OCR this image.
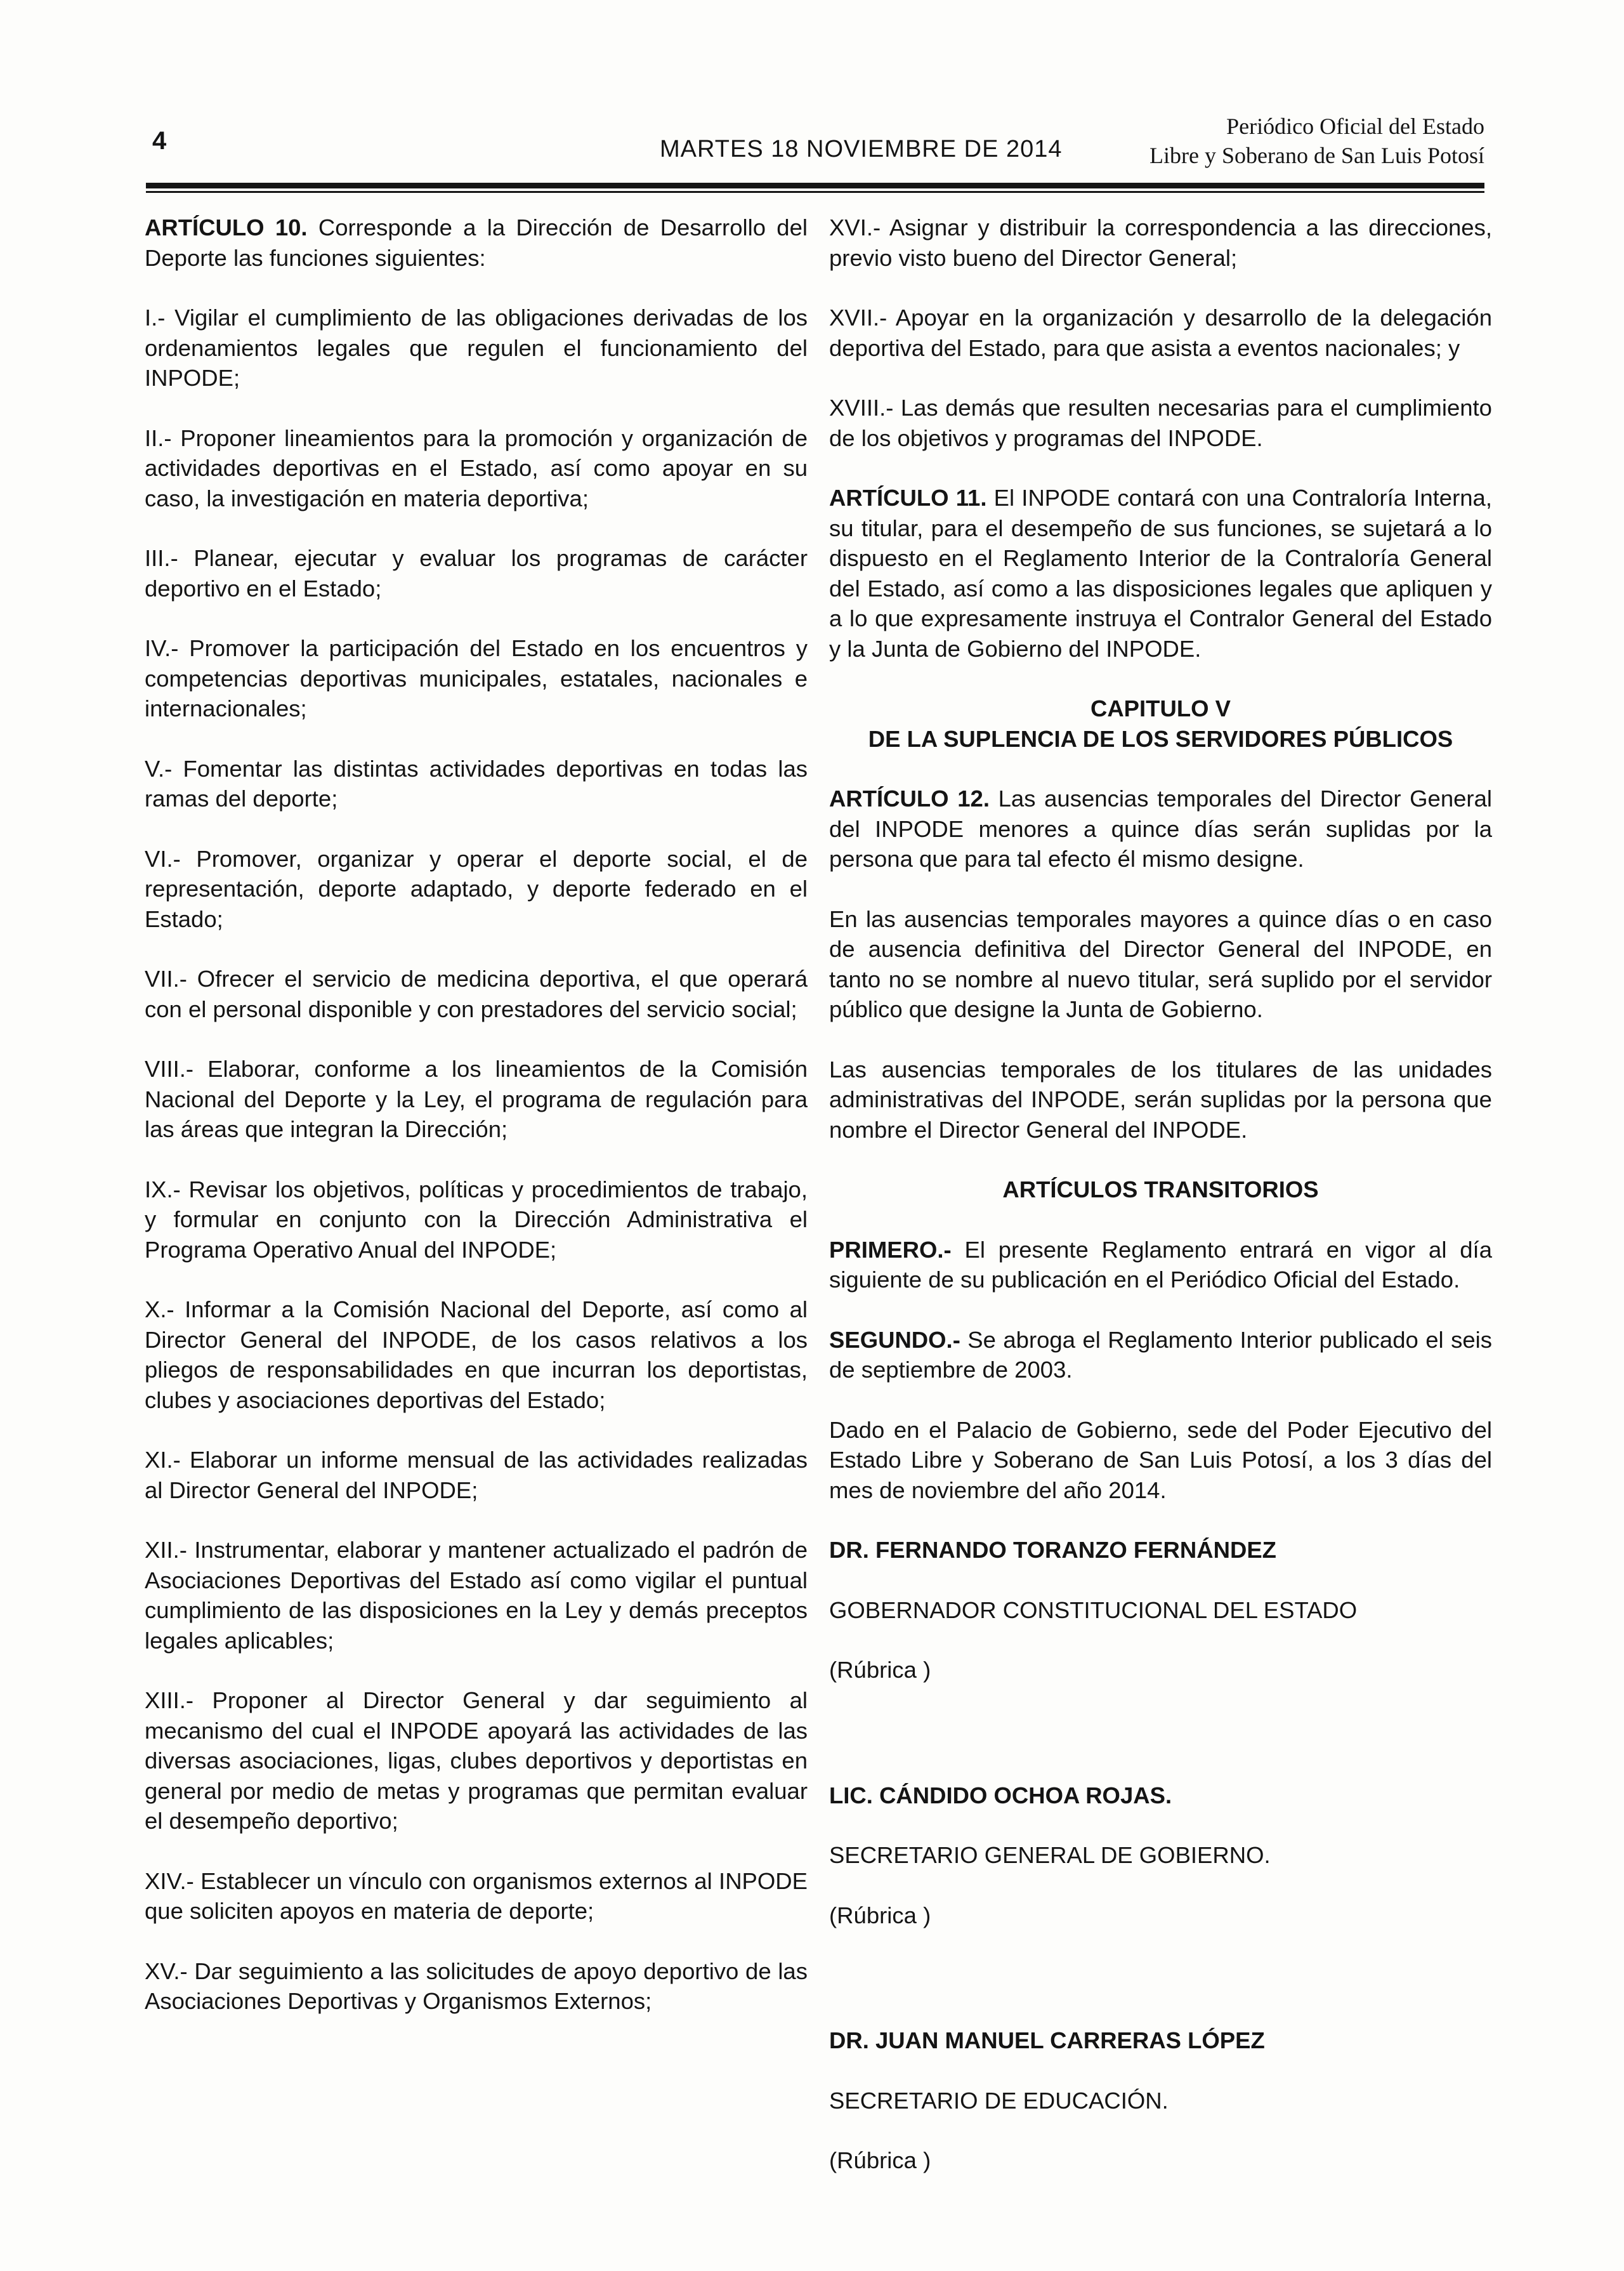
4	MARTES 18 NOVIEMBRE DE 2014
Periódico Oficial del Estado
Libre y Soberano de San Luis Potosí

ARTÍCULO 10. Corresponde a la Dirección de Desarrollo del Deporte las funciones siguientes:

I.- Vigilar el cumplimiento de las obligaciones derivadas de los ordenamientos legales que regulen el funcionamiento del INPODE;

II.- Proponer lineamientos para la promoción y organización de actividades deportivas en el Estado, así como apoyar en su caso, la investigación en materia deportiva;

III.- Planear, ejecutar y evaluar los programas de carácter deportivo en el Estado;

IV.- Promover la participación del Estado en los encuentros y competencias deportivas municipales, estatales, nacionales e internacionales;

V.- Fomentar las distintas actividades deportivas en todas las ramas del deporte;

VI.- Promover, organizar y operar el deporte social, el de representación, deporte adaptado, y deporte federado en el Estado;

VII.- Ofrecer el servicio de medicina deportiva, el que operará con el personal disponible y con prestadores del servicio social;

VIII.- Elaborar, conforme a los lineamientos de la Comisión Nacional del Deporte y la Ley, el programa de regulación para las áreas que integran la Dirección;

IX.- Revisar los objetivos, políticas y procedimientos de trabajo, y formular en conjunto con la Dirección Administrativa el Programa Operativo Anual del INPODE;

X.- Informar a la Comisión Nacional del Deporte, así como al Director General del INPODE, de los casos relativos a los pliegos de responsabilidades en que incurran los deportistas, clubes y asociaciones deportivas del Estado;

XI.- Elaborar un informe mensual de las actividades realizadas al Director General del INPODE;

XII.- Instrumentar, elaborar y mantener actualizado el padrón de Asociaciones Deportivas del Estado así como vigilar el puntual cumplimiento de las disposiciones en la Ley y demás preceptos legales aplicables;

XIII.- Proponer al Director General y dar seguimiento al mecanismo del cual el INPODE apoyará las actividades de las diversas asociaciones, ligas, clubes deportivos y deportistas en general por medio de metas y programas que permitan evaluar el desempeño deportivo;

XIV.- Establecer un vínculo con organismos externos al INPODE que soliciten apoyos en materia de deporte;

XV.- Dar seguimiento a las solicitudes de apoyo deportivo de las Asociaciones Deportivas y Organismos Externos;

XVI.- Asignar y distribuir la correspondencia a las direcciones, previo visto bueno del Director General;

XVII.- Apoyar en la organización y desarrollo de la delegación deportiva del Estado, para que asista a eventos nacionales; y

XVIII.- Las demás que resulten necesarias para el cumplimiento de los objetivos y programas del INPODE.

ARTÍCULO 11. El INPODE contará con una Contraloría Interna, su titular, para el desempeño de sus funciones, se sujetará a lo dispuesto en el Reglamento Interior de la Contraloría General del Estado, así como a las disposiciones legales que apliquen y a lo que expresamente instruya el Contralor General del Estado y la Junta de Gobierno del INPODE.

CAPITULO V
DE LA SUPLENCIA DE LOS SERVIDORES PÚBLICOS

ARTÍCULO 12. Las ausencias temporales del Director General del INPODE menores a quince días serán suplidas por la persona que para tal efecto él mismo designe.

En las ausencias temporales mayores a quince días o en caso de ausencia definitiva del Director General del INPODE, en tanto no se nombre al nuevo titular, será suplido por el servidor público que designe la Junta de Gobierno.

Las ausencias temporales de los titulares de las unidades administrativas del INPODE, serán suplidas por la persona que nombre el Director General del INPODE.

ARTÍCULOS TRANSITORIOS

PRIMERO.- El presente Reglamento entrará en vigor al día siguiente de su publicación en el Periódico Oficial del Estado.

SEGUNDO.- Se abroga el Reglamento Interior publicado el seis de septiembre de 2003.

Dado en el Palacio de Gobierno, sede del Poder Ejecutivo del Estado Libre y Soberano de San Luis Potosí, a los 3 días del mes de noviembre del año 2014.

DR. FERNANDO TORANZO FERNÁNDEZ

GOBERNADOR CONSTITUCIONAL DEL ESTADO

(Rúbrica )

LIC. CÁNDIDO OCHOA ROJAS.

SECRETARIO GENERAL DE GOBIERNO.

(Rúbrica )

DR. JUAN MANUEL CARRERAS LÓPEZ

SECRETARIO DE EDUCACIÓN.

(Rúbrica )
